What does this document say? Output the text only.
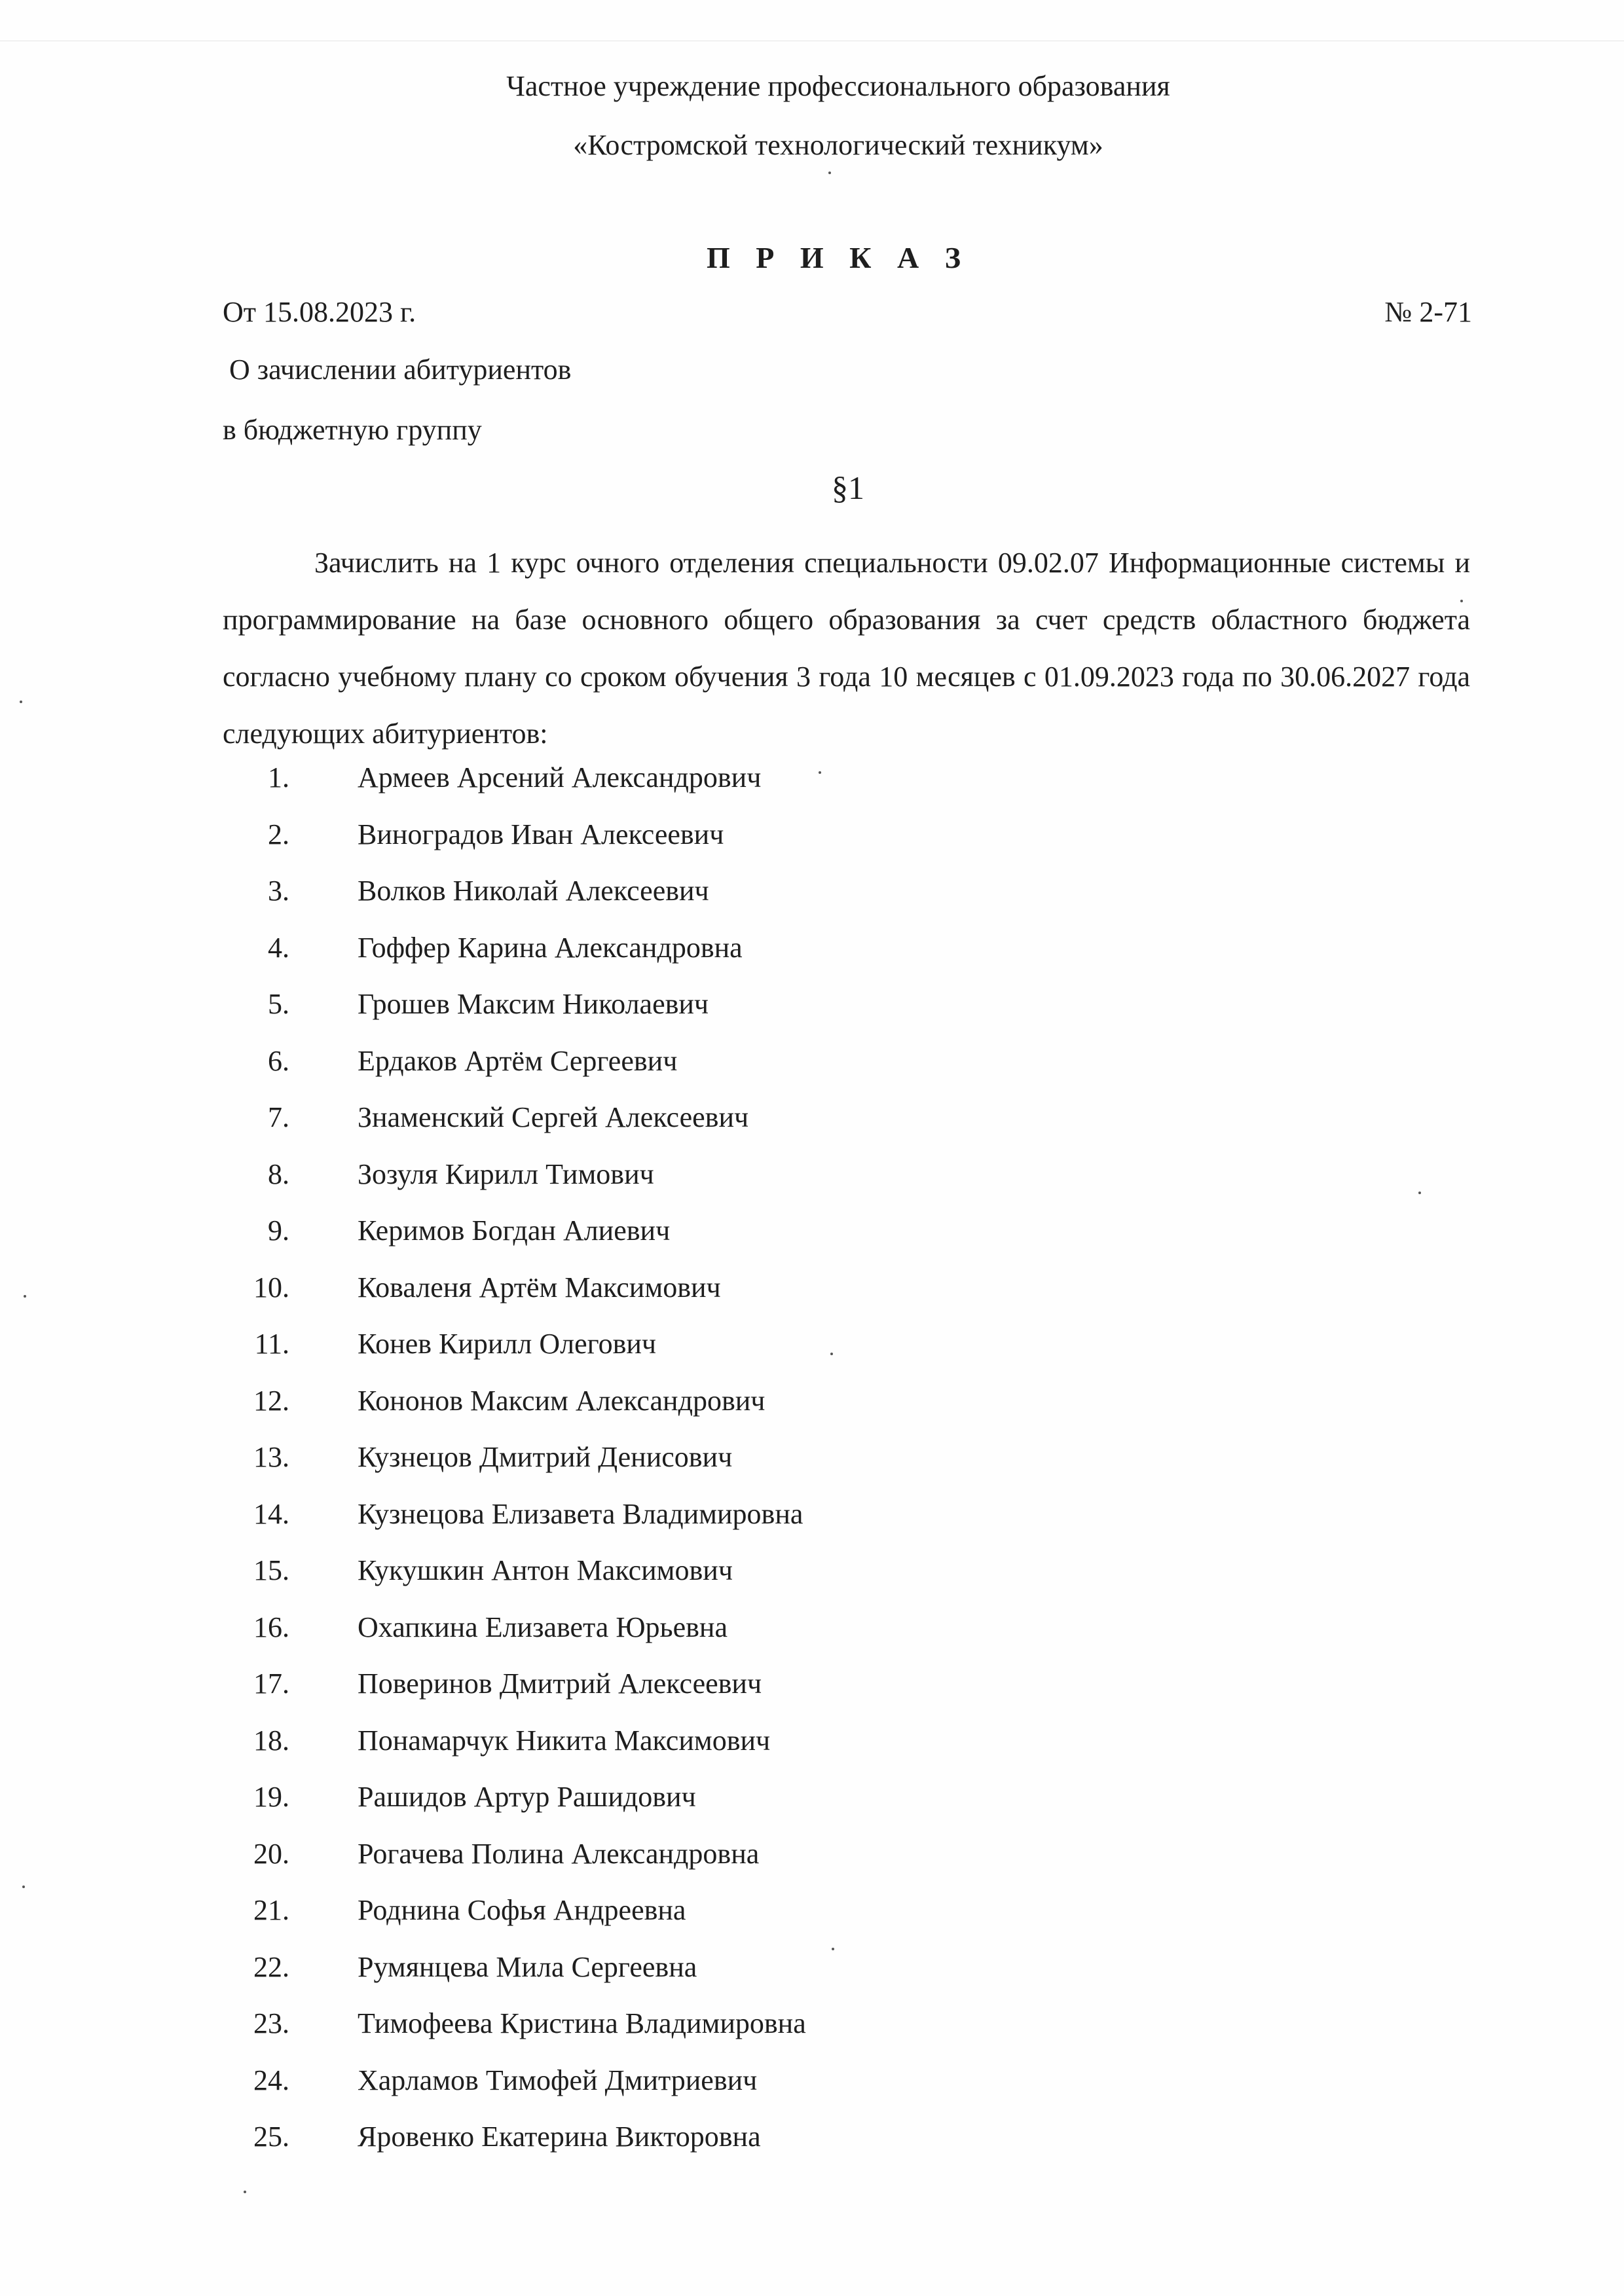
Частное учреждение профессионального образования
«Костромской технологический техникум»
П Р И К А З
От 15.08.2023 г.	№ 2-71
О зачислении абитуриентов
в бюджетную группу
§1
Зачислить на 1 курс очного отделения специальности 09.02.07 Информационные системы и программирование на базе основного общего образования за счет средств областного бюджета согласно учебному плану со сроком обучения 3 года 10 месяцев с 01.09.2023 года по 30.06.2027 года следующих абитуриентов:
1. Армеев Арсений Александрович
2. Виноградов Иван Алексеевич
3. Волков Николай Алексеевич
4. Гоффер Карина Александровна
5. Грошев Максим Николаевич
6. Ердаков Артём Сергеевич
7. Знаменский Сергей Алексеевич
8. Зозуля Кирилл Тимович
9. Керимов Богдан Алиевич
10. Коваленя Артём Максимович
11. Конев Кирилл Олегович
12. Кононов Максим Александрович
13. Кузнецов Дмитрий Денисович
14. Кузнецова Елизавета Владимировна
15. Кукушкин Антон Максимович
16. Охапкина Елизавета Юрьевна
17. Поверинов Дмитрий Алексеевич
18. Понамарчук Никита Максимович
19. Рашидов Артур Рашидович
20. Рогачева Полина Александровна
21. Роднина Софья Андреевна
22. Румянцева Мила Сергеевна
23. Тимофеева Кристина Владимировна
24. Харламов Тимофей Дмитриевич
25. Яровенко Екатерина Викторовна
